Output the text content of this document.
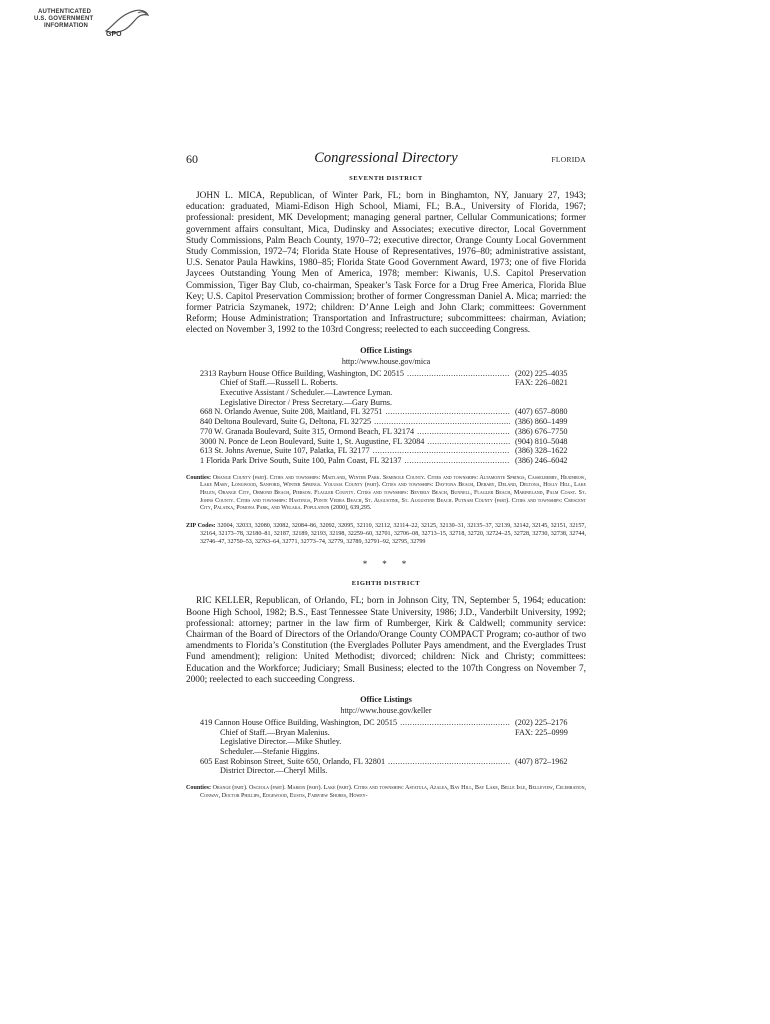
AUTHENTICATED
U.S. GOVERNMENT
INFORMATION
GPO
60	Congressional Directory	FLORIDA
SEVENTH DISTRICT

JOHN L. MICA, Republican, of Winter Park, FL; born in Binghamton, NY, January 27, 1943; education: graduated, Miami-Edison High School, Miami, FL; B.A., University of Florida, 1967; professional: president, MK Development; managing general partner, Cellular Communications; former government affairs consultant, Mica, Dudinsky and Associates; executive director, Local Government Study Commissions, Palm Beach County, 1970–72; executive director, Orange County Local Government Study Commission, 1972–74; Florida State House of Representatives, 1976–80; administrative assistant, U.S. Senator Paula Hawkins, 1980–85; Florida State Good Government Award, 1973; one of five Florida Jaycees Outstanding Young Men of America, 1978; member: Kiwanis, U.S. Capitol Preservation Commission, Tiger Bay Club, co-chairman, Speaker’s Task Force for a Drug Free America, Florida Blue Key; U.S. Capitol Preservation Commission; brother of former Congressman Daniel A. Mica; married: the former Patricia Szymanek, 1972; children: D’Anne Leigh and John Clark; committees: Government Reform; House Administration; Transportation and Infrastructure; subcommittees: chairman, Aviation; elected on November 3, 1992 to the 103rd Congress; reelected to each succeeding Congress.

Office Listings
http://www.house.gov/mica
2313 Rayburn House Office Building, Washington, DC 20515 .....	(202) 225–4035
Chief of Staff.—Russell L. Roberts.	FAX: 226–0821
Executive Assistant / Scheduler.—Lawrence Lyman.
Legislative Director / Press Secretary.—Gary Burns.
668 N. Orlando Avenue, Suite 208, Maitland, FL 32751 .....	(407) 657–8080
840 Deltona Boulevard, Suite G, Deltona, FL 32725 .....	(386) 860–1499
770 W. Granada Boulevard, Suite 315, Ormond Beach, FL 32174 .....	(386) 676–7750
3000 N. Ponce de Leon Boulevard, Suite 1, St. Augustine, FL 32084 .....	(904) 810–5048
613 St. Johns Avenue, Suite 107, Palatka, FL 32177 .....	(386) 328–1622
1 Florida Park Drive South, Suite 100, Palm Coast, FL 32137 .....	(386) 246–6042

Counties: Orange County (part). Cities and townships: Maitland, Winter Park. Seminole County. Cities and townships: Altamonte Springs, Casselberry, Heathrow, Lake Mary, Longwood, Sanford, Winter Springs. Volusia County (part). Cities and townships: Daytona Beach, Debary, Deland, Deltona, Holly Hill, Lake Helen, Orange City, Ormond Beach, Pierson. Flagler County. Cities and townships: Beverly Beach, Bunnell, Flagler Beach, Marineland, Palm Coast. St. Johns County. Cities and townships: Hastings, Ponte Vedra Beach, St. Augustine, St. Augustine Beach. Putnam County (part). Cities and townships: Crescent City, Palatka, Pomona Park, and Welaka. Population (2000), 639,295.

ZIP Codes: 32004, 32033, 32080, 32082, 32084–86, 32092, 32095, 32110, 32112, 32114–22, 32125, 32130–31, 32135–37, 32139, 32142, 32145, 32151, 32157, 32164, 32173–78, 32180–81, 32187, 32189, 32193, 32198, 32259–60, 32701, 32706–08, 32713–15, 32718, 32720, 32724–25, 32728, 32730, 32738, 32744, 32746–47, 32750–53, 32763–64, 32771, 32773–74, 32779, 32789, 32791–92, 32795, 32799

* * *
EIGHTH DISTRICT

RIC KELLER, Republican, of Orlando, FL; born in Johnson City, TN, September 5, 1964; education: Boone High School, 1982; B.S., East Tennessee State University, 1986; J.D., Vanderbilt University, 1992; professional: attorney; partner in the law firm of Rumberger, Kirk & Caldwell; community service: Chairman of the Board of Directors of the Orlando/Orange County COMPACT Program; co-author of two amendments to Florida’s Constitution (the Everglades Polluter Pays amendment, and the Everglades Trust Fund amendment); religion: United Methodist; divorced; children: Nick and Christy; committees: Education and the Workforce; Judiciary; Small Business; elected to the 107th Congress on November 7, 2000; reelected to each succeeding Congress.

Office Listings
http://www.house.gov/keller
419 Cannon House Office Building, Washington, DC 20515 .....	(202) 225–2176
Chief of Staff.—Bryan Malenius.	FAX: 225–0999
Legislative Director.—Mike Shutley.
Scheduler.—Stefanie Higgins.
605 East Robinson Street, Suite 650, Orlando, FL 32801 .....	(407) 872–1962
District Director.—Cheryl Mills.

Counties: Orange (part). Osceola (part). Marion (part). Lake (part). Cities and townships: Astatula, Azalea, Bay Hill, Bay Lake, Belle Isle, Belleview, Celebration, Conway, Doctor Phillips, Edgewood, Eustis, Fairview Shores, Howey-
